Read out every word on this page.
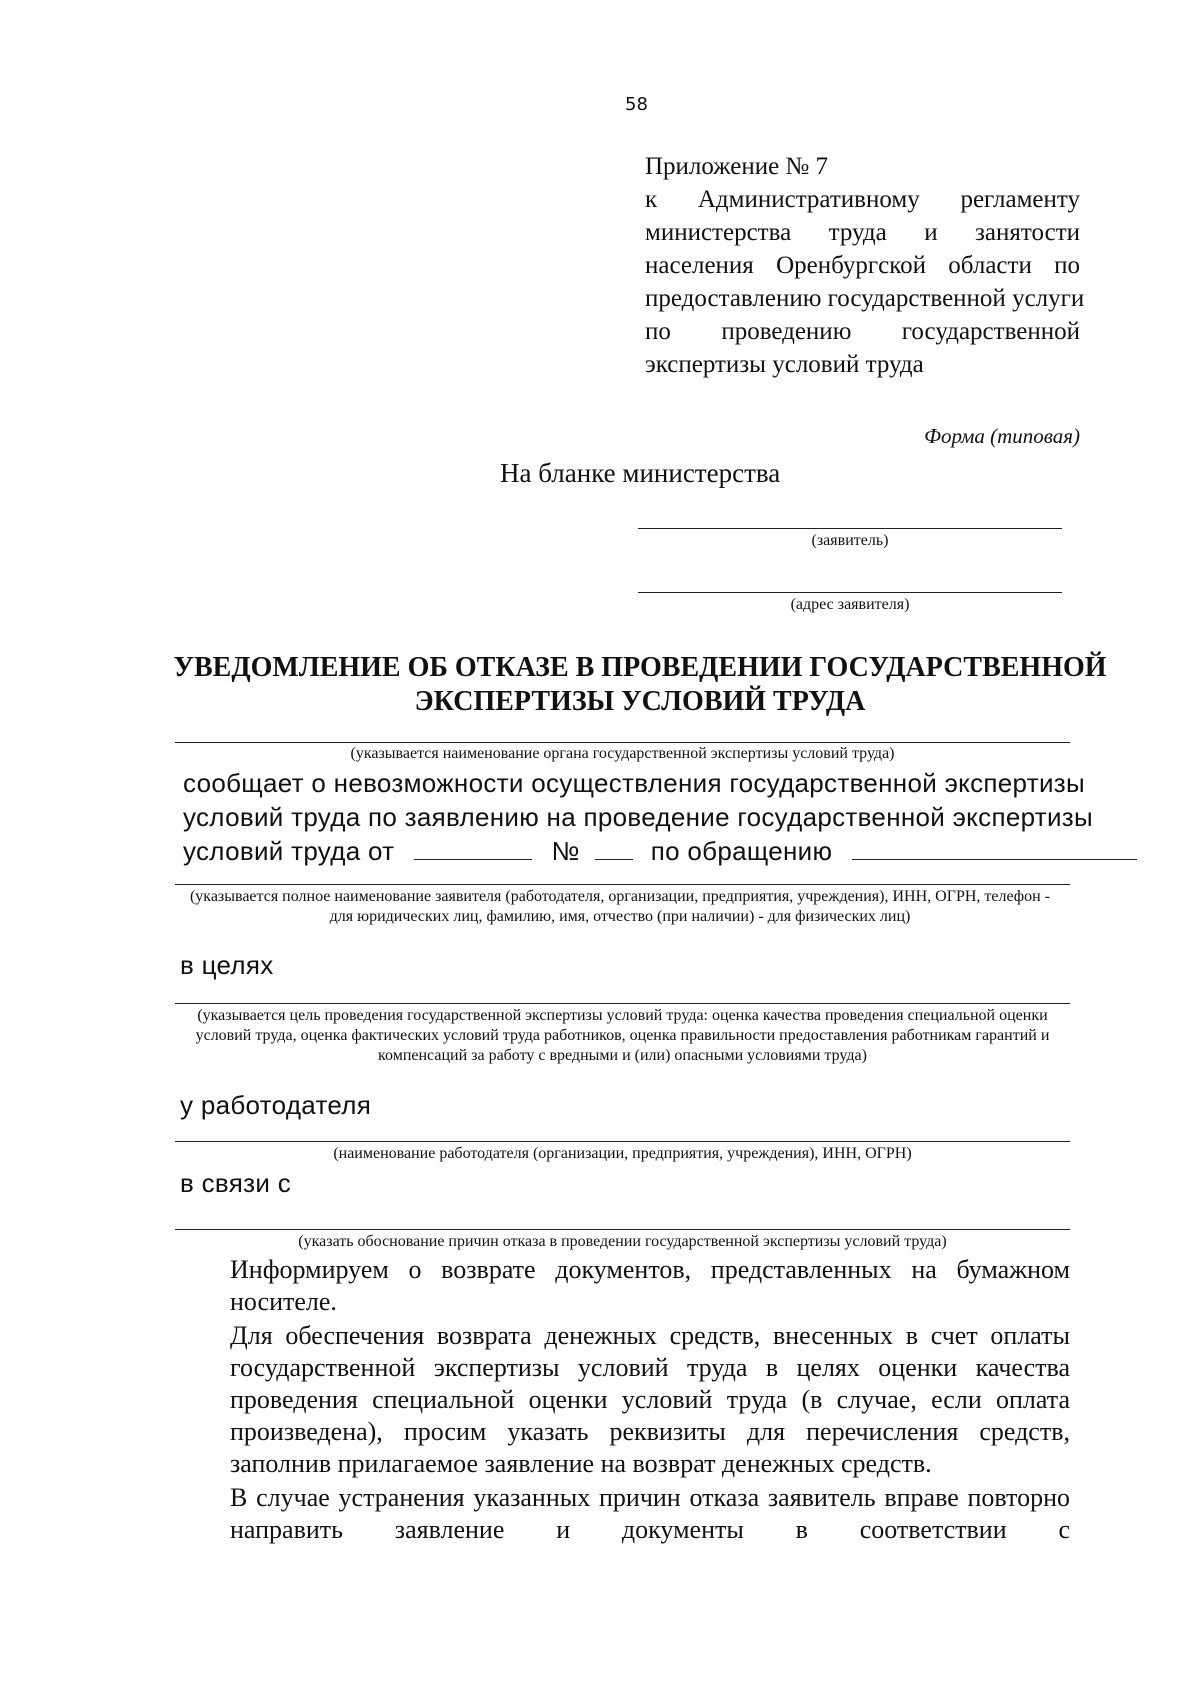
58
Приложение № 7
к Административному регламенту
министерства труда и занятости
населения Оренбургской области по
предоставлению государственной услуги
по проведению государственной
экспертизы условий труда
Форма (типовая)
На бланке министерства
(заявитель)
(адрес заявителя)
УВЕДОМЛЕНИЕ ОБ ОТКАЗЕ В ПРОВЕДЕНИИ ГОСУДАРСТВЕННОЙ
ЭКСПЕРТИЗЫ УСЛОВИЙ ТРУДА
(указывается наименование органа государственной экспертизы условий труда)
сообщает о невозможности осуществления государственной экспертизы
условий труда по заявлению на проведение государственной экспертизы
условий труда от	№	по обращению
(указывается полное наименование заявителя (работодателя, организации, предприятия, учреждения), ИНН, ОГРН, телефон - для юридических лиц, фамилию, имя, отчество (при наличии) - для физических лиц)
в целях
(указывается цель проведения государственной экспертизы условий труда: оценка качества проведения специальной оценки условий труда, оценка фактических условий труда работников, оценка правильности предоставления работникам гарантий и компенсаций за работу с вредными и (или) опасными условиями труда)
у работодателя
(наименование работодателя (организации, предприятия, учреждения), ИНН, ОГРН)
в связи с
(указать обоснование причин отказа в проведении государственной экспертизы условий труда)
Информируем о возврате документов, представленных на бумажном носителе.
Для обеспечения возврата денежных средств, внесенных в счет оплаты государственной экспертизы условий труда в целях оценки качества проведения специальной оценки условий труда (в случае, если оплата произведена), просим указать реквизиты для перечисления средств, заполнив прилагаемое заявление на возврат денежных средств.
В случае устранения указанных причин отказа заявитель вправе повторно направить заявление и документы в соответствии с
